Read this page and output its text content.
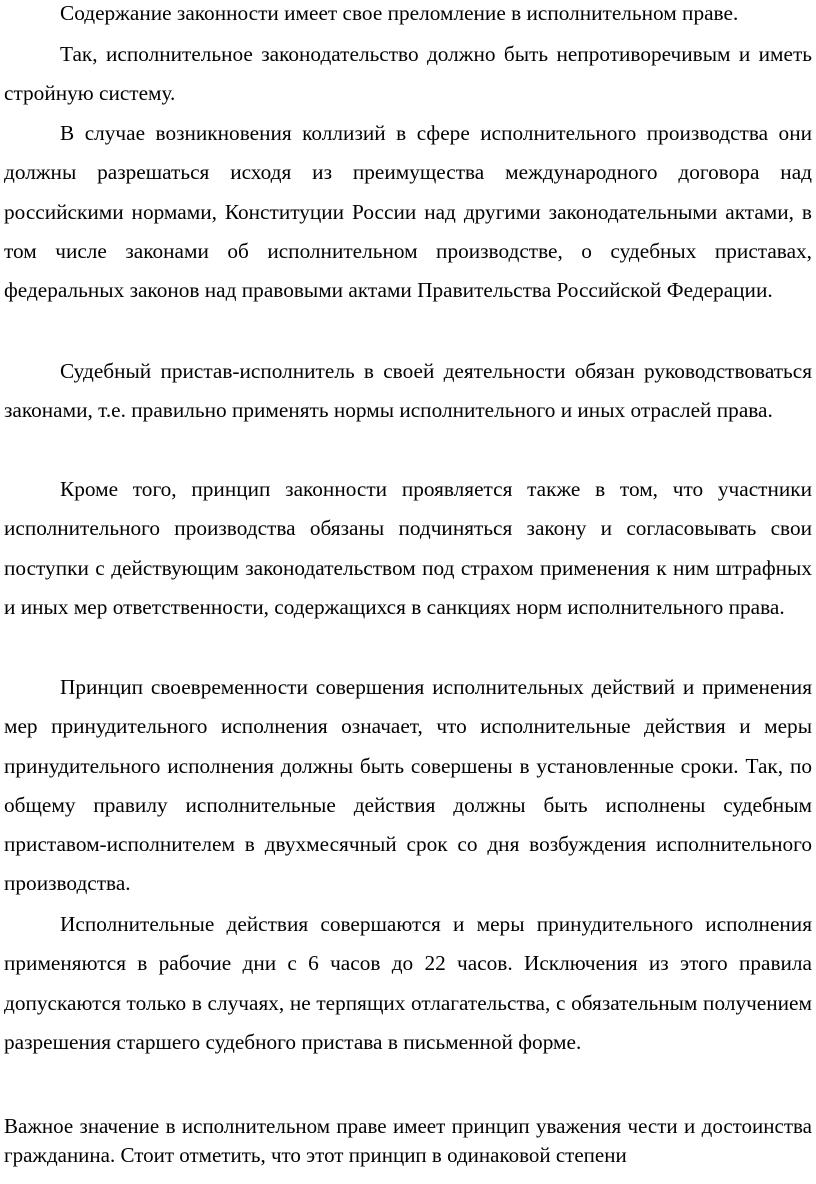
Содержание законности имеет свое преломление в исполнительном праве.

Так, исполнительное законодательство должно быть непротиворечивым и иметь стройную систему.

В случае возникновения коллизий в сфере исполнительного производства они должны разрешаться исходя из преимущества международного договора над российскими нормами, Конституции России над другими законодательными актами, в том числе законами об исполнительном производстве, о судебных приставах, федеральных законов над правовыми актами Правительства Российской Федерации.

Судебный пристав-исполнитель в своей деятельности обязан руководствоваться законами, т.е. правильно применять нормы исполнительного и иных отраслей права.

Кроме того, принцип законности проявляется также в том, что участники исполнительного производства обязаны подчиняться закону и согласовывать свои поступки с действующим законодательством под страхом применения к ним штрафных и иных мер ответственности, содержащихся в санкциях норм исполнительного права.

Принцип своевременности совершения исполнительных действий и применения мер принудительного исполнения означает, что исполнительные действия и меры принудительного исполнения должны быть совершены в установленные сроки. Так, по общему правилу исполнительные действия должны быть исполнены судебным приставом-исполнителем в двухмесячный срок со дня возбуждения исполнительного производства.

Исполнительные действия совершаются и меры принудительного исполнения применяются в рабочие дни с 6 часов до 22 часов. Исключения из этого правила допускаются только в случаях, не терпящих отлагательства, с обязательным получением разрешения старшего судебного пристава в письменной форме.

Важное значение в исполнительном праве имеет принцип уважения чести и достоинства гражданина. Стоит отметить, что этот принцип в одинаковой степени
